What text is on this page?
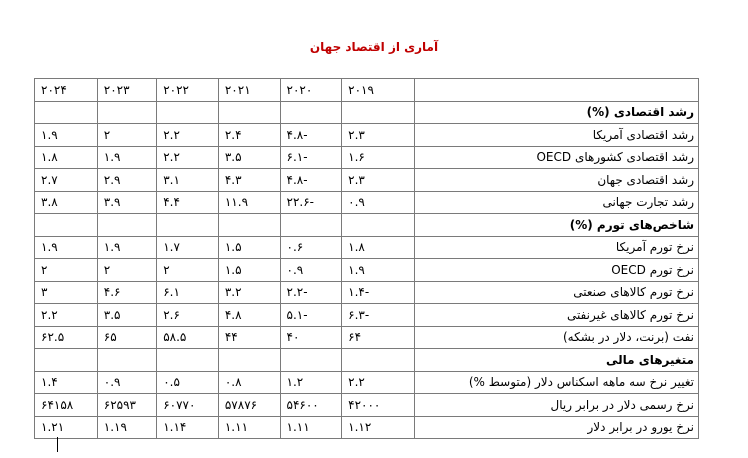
آماری از اقتصاد جهان
	۲۰۱۹	۲۰۲۰	۲۰۲۱	۲۰۲۲	۲۰۲۳	۲۰۲۴
رشد اقتصادی (%)						
رشد اقتصادی آمریکا	۲.۳	-۴.۸	۲.۴	۲.۲	۲	۱.۹
رشد اقتصادی کشورهای OECD	۱.۶	-۶.۱	۳.۵	۲.۲	۱.۹	۱.۸
رشد اقتصادی جهان	۲.۳	-۴.۸	۴.۳	۳.۱	۲.۹	۲.۷
رشد تجارت جهانی	۰.۹	-۲۲.۶	۱۱.۹	۴.۴	۳.۹	۳.۸
شاخص‌های تورم (%)						
نرخ تورم آمریکا	۱.۸	۰.۶	۱.۵	۱.۷	۱.۹	۱.۹
نرخ تورم OECD	۱.۹	۰.۹	۱.۵	۲	۲	۲
نرخ تورم کالاهای صنعتی	-۱.۴	-۲.۲	۳.۲	۶.۱	۴.۶	۳
نرخ تورم کالاهای غیرنفتی	-۶.۳	-۵.۱	۴.۸	۲.۶	۳.۵	۲.۲
نفت (برنت، دلار در بشکه)	۶۴	۴۰	۴۴	۵۸.۵	۶۵	۶۲.۵
متغیرهای مالی						
تغییر نرخ سه ماهه اسکناس دلار (متوسط %)	۲.۲	۱.۲	۰.۸	۰.۵	۰.۹	۱.۴
نرخ رسمی دلار در برابر ریال	۴۲۰۰۰	۵۴۶۰۰	۵۷۸۷۶	۶۰۷۷۰	۶۲۵۹۳	۶۴۱۵۸
نرخ یورو در برابر دلار	۱.۱۲	۱.۱۱	۱.۱۱	۱.۱۴	۱.۱۹	۱.۲۱
